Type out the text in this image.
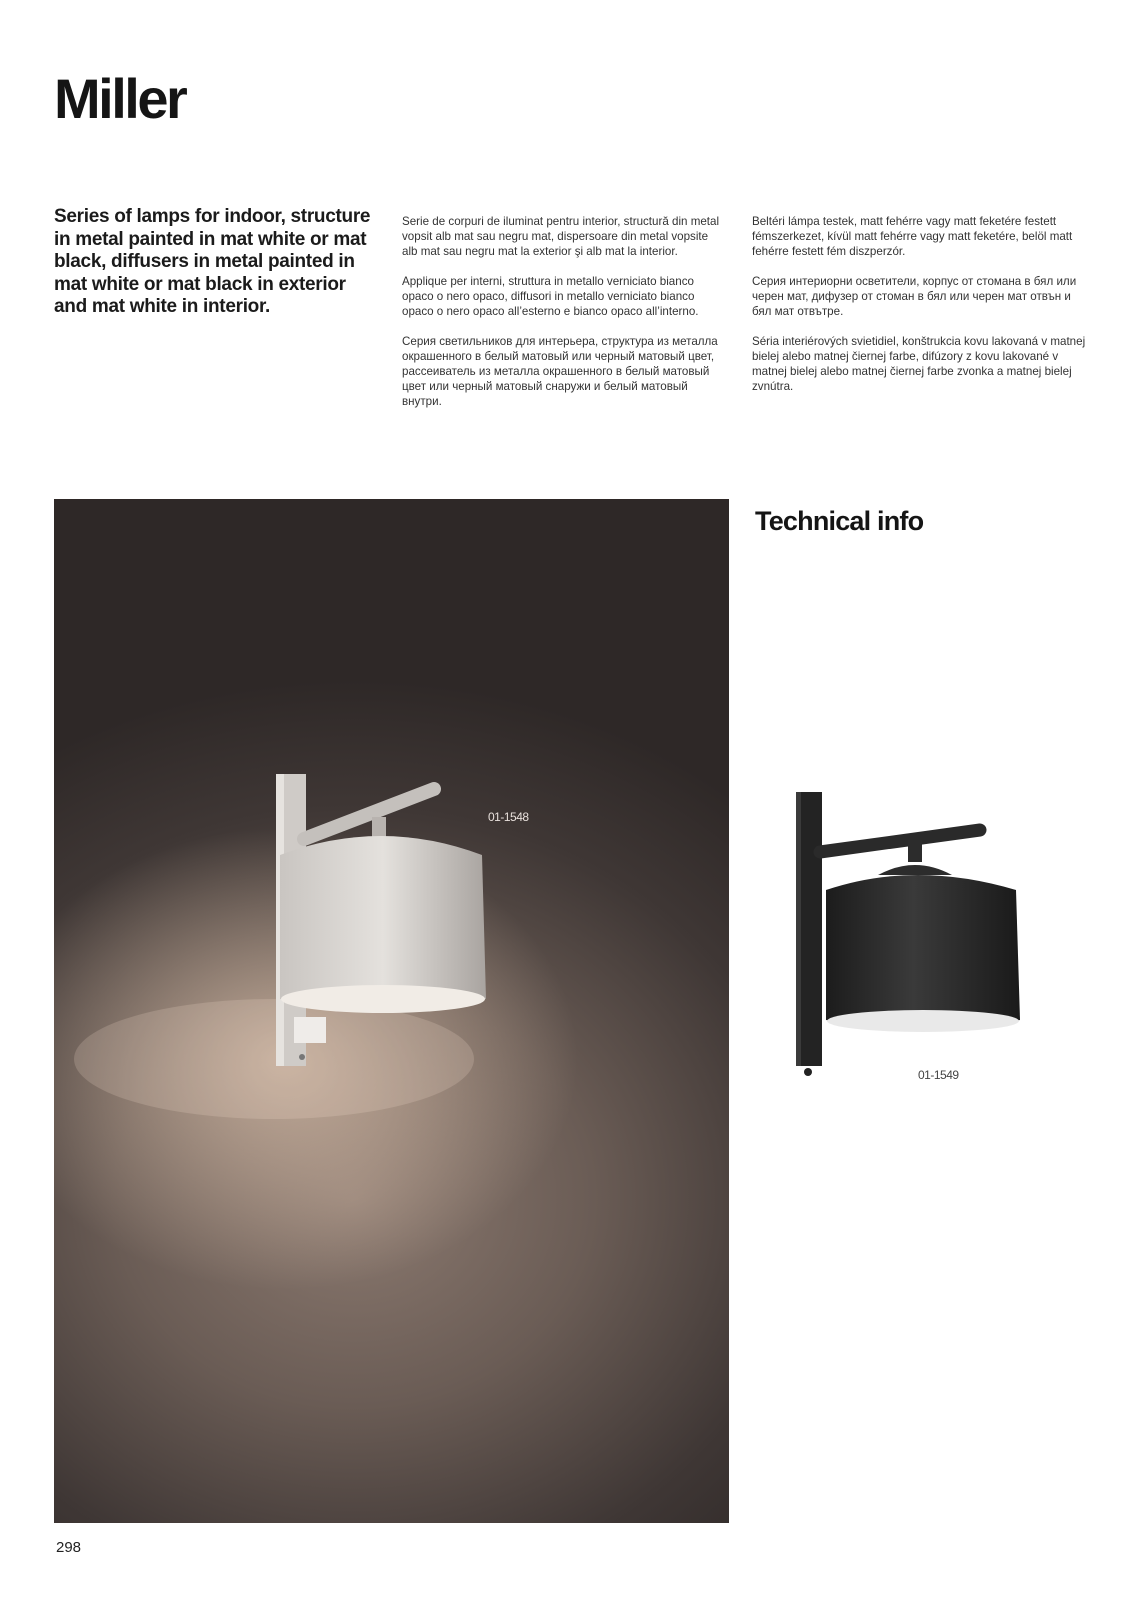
Miller
Series of lamps for indoor, structure in metal painted in mat white or mat black, diffusers in metal painted in mat white or mat black in exterior and mat white in interior.

Serie de corpuri de iluminat pentru interior, structură din metal vopsit alb mat sau negru mat, dispersoare din metal vopsite alb mat sau negru mat la exterior şi alb mat la interior.

Applique per interni, struttura in metallo verniciato bianco opaco o nero opaco, diffusori in metallo verniciato bianco opaco o nero opaco all’esterno e bianco opaco all’interno.

Серия светильников для интерьера, структура из металла окрашенного в белый матовый или черный матовый цвет, рассеиватель из металла окрашенного в белый матовый цвет или черный матовый снаружи и белый матовый внутри.

Beltéri lámpa testek, matt fehérre vagy matt feketére festett fémszerkezet, kívül matt fehérre vagy matt feketére, belöl matt fehérre festett fém diszperzór.

Серия интериорни осветители, корпус от стомана в бял или черен мат, дифузер от стоман в бял или черен мат отвън и бял мат отвътре.

Séria interiérových svietidiel, konštrukcia kovu lakovaná v matnej bielej alebo matnej čiernej farbe, difúzory z kovu lakované v matnej bielej alebo matnej čiernej farbe zvonka a matnej bielej zvnútra.

01-1548
Technical info
01-1549
298
